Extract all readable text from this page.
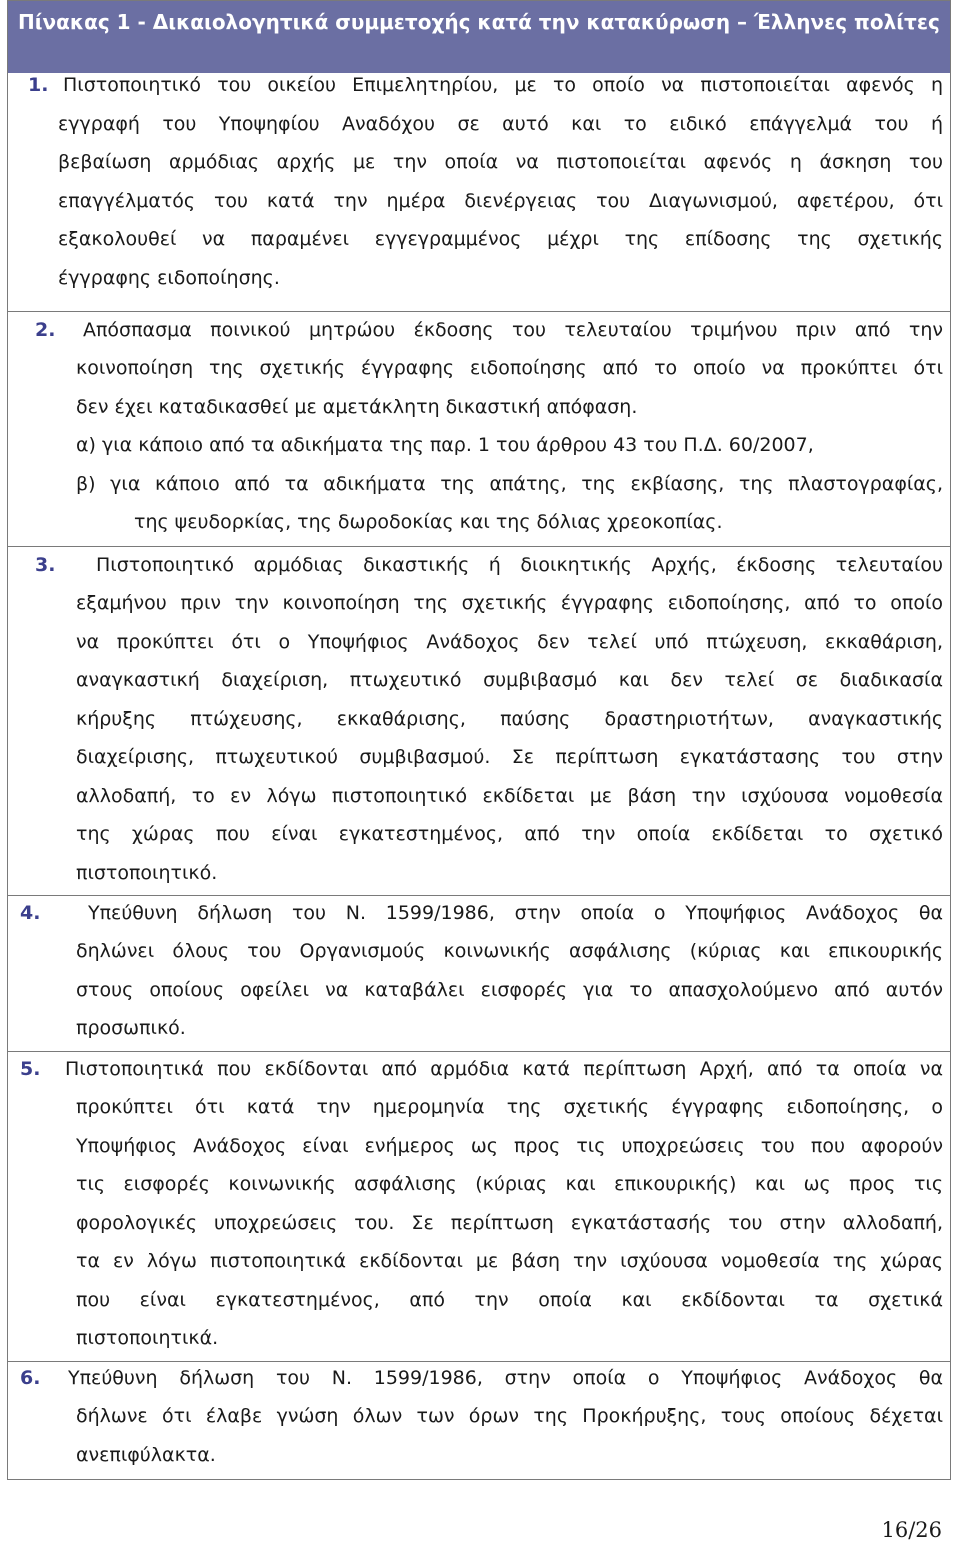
Πίνακας 1 - Δικαιολογητικά συμμετοχής κατά την κατακύρωση – Έλληνες πολίτες
1. Πιστοποιητικό του οικείου Επιμελητηρίου, με το οποίο να πιστοποιείται αφενός η
εγγραφή του Υποψηφίου Αναδόχου σε αυτό και το ειδικό επάγγελμά του ή
βεβαίωση αρμόδιας αρχής με την οποία να πιστοποιείται αφενός η άσκηση του
επαγγέλματός του κατά την ημέρα διενέργειας του Διαγωνισμού, αφετέρου, ότι
εξακολουθεί να παραμένει εγγεγραμμένος μέχρι της επίδοσης της σχετικής
έγγραφης ειδοποίησης.
2. Απόσπασμα ποινικού μητρώου έκδοσης του τελευταίου τριμήνου πριν από την
κοινοποίηση της σχετικής έγγραφης ειδοποίησης από το οποίο να προκύπτει ότι
δεν έχει καταδικασθεί με αμετάκλητη δικαστική απόφαση.
α) για κάποιο από τα αδικήματα της παρ. 1 του άρθρου 43 του Π.Δ. 60/2007,
β) για κάποιο από τα αδικήματα της απάτης, της εκβίασης, της πλαστογραφίας,
της ψευδορκίας, της δωροδοκίας και της δόλιας χρεοκοπίας.
3. Πιστοποιητικό αρμόδιας δικαστικής ή διοικητικής Αρχής, έκδοσης τελευταίου
εξαμήνου πριν την κοινοποίηση της σχετικής έγγραφης ειδοποίησης, από το οποίο
να προκύπτει ότι ο Υποψήφιος Ανάδοχος δεν τελεί υπό πτώχευση, εκκαθάριση,
αναγκαστική διαχείριση, πτωχευτικό συμβιβασμό και δεν τελεί σε διαδικασία
κήρυξης πτώχευσης, εκκαθάρισης, παύσης δραστηριοτήτων, αναγκαστικής
διαχείρισης, πτωχευτικού συμβιβασμού. Σε περίπτωση εγκατάστασης του στην
αλλοδαπή, το εν λόγω πιστοποιητικό εκδίδεται με βάση την ισχύουσα νομοθεσία
της χώρας που είναι εγκατεστημένος, από την οποία εκδίδεται το σχετικό
πιστοποιητικό.
4.	Υπεύθυνη δήλωση του Ν. 1599/1986, στην οποία ο Υποψήφιος Ανάδοχος θα
δηλώνει όλους του Οργανισμούς κοινωνικής ασφάλισης (κύριας και επικουρικής
στους οποίους οφείλει να καταβάλει εισφορές για το απασχολούμενο από αυτόν
προσωπικό.
5. Πιστοποιητικά που εκδίδονται από αρμόδια κατά περίπτωση Αρχή, από τα οποία να
προκύπτει ότι κατά την ημερομηνία της σχετικής έγγραφης ειδοποίησης, ο
Υποψήφιος Ανάδοχος είναι ενήμερος ως προς τις υποχρεώσεις του που αφορούν
τις εισφορές κοινωνικής ασφάλισης (κύριας και επικουρικής) και ως προς τις
φορολογικές υποχρεώσεις του. Σε περίπτωση εγκατάστασής του στην αλλοδαπή,
τα εν λόγω πιστοποιητικά εκδίδονται με βάση την ισχύουσα νομοθεσία της χώρας
που είναι εγκατεστημένος, από την οποία και εκδίδονται τα σχετικά
πιστοποιητικά.
6. Υπεύθυνη δήλωση του Ν. 1599/1986, στην οποία ο Υποψήφιος Ανάδοχος θα
δήλωνε ότι έλαβε γνώση όλων των όρων της Προκήρυξης, τους οποίους δέχεται
ανεπιφύλακτα.
16/26
